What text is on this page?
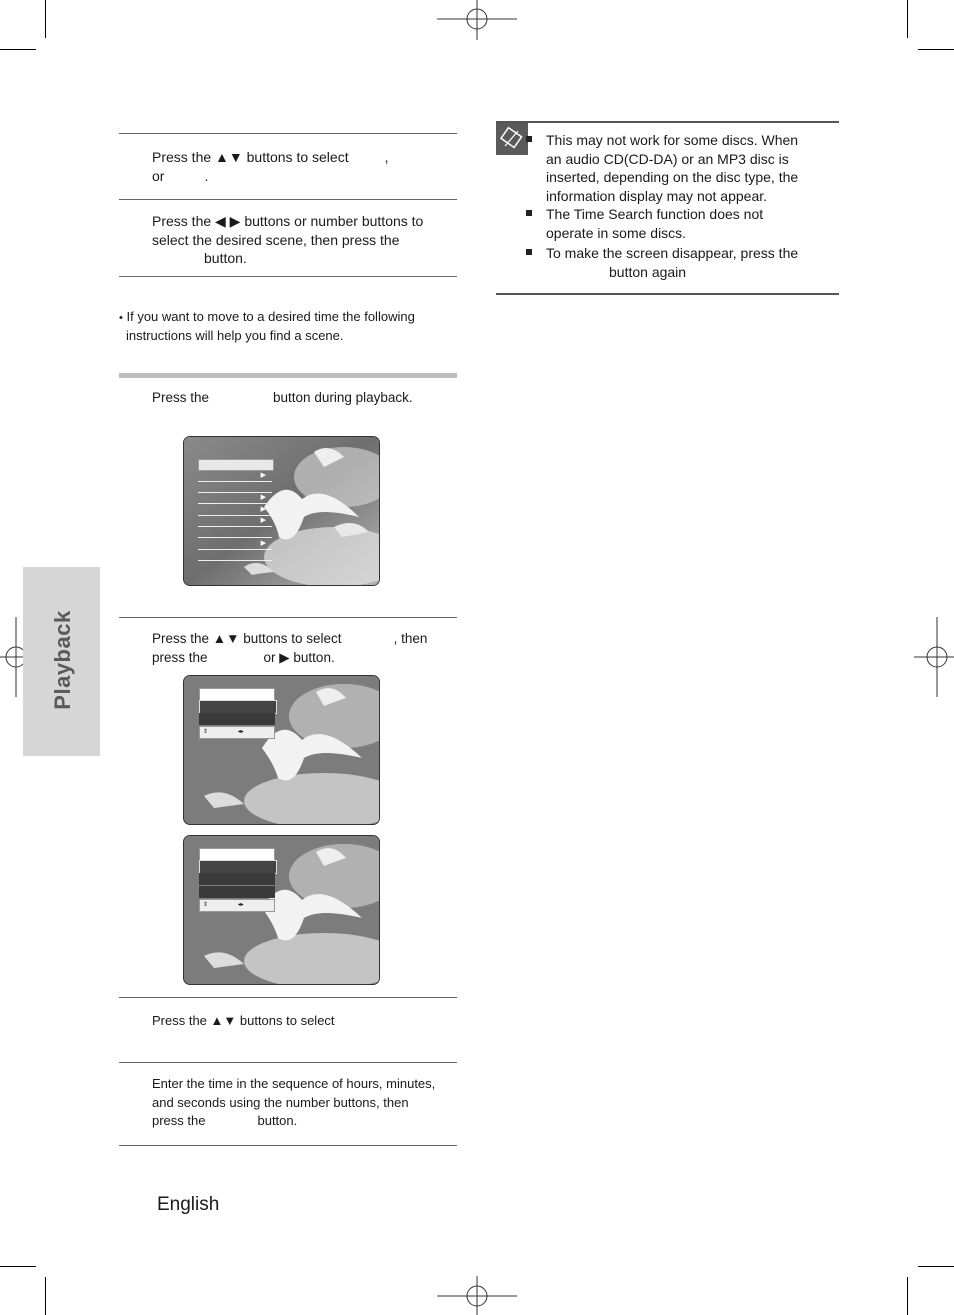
Playback
Press the ▲▼ buttons to select	,
or	.
Press the ◀ ▶ buttons or number buttons to
select the desired scene, then press the
button.
• If you want to move to a desired time the following
instructions will help you find a scene.
Press the	button during playback.
▶
▶
▶
▶
▶
Press the ▲▼ buttons to select	, then
press the	or ▶ button.
⇕	◂▸
⇕	◂▸
Press the ▲▼ buttons to select
Enter the time in the sequence of hours, minutes,
and seconds using the number buttons, then
press the	button.
English
This may not work for some discs. When
an audio CD(CD-DA) or an MP3 disc is
inserted, depending on the disc type, the
information display may not appear.
The Time Search function does not
operate in some discs.
To make the screen disappear, press the
button again
